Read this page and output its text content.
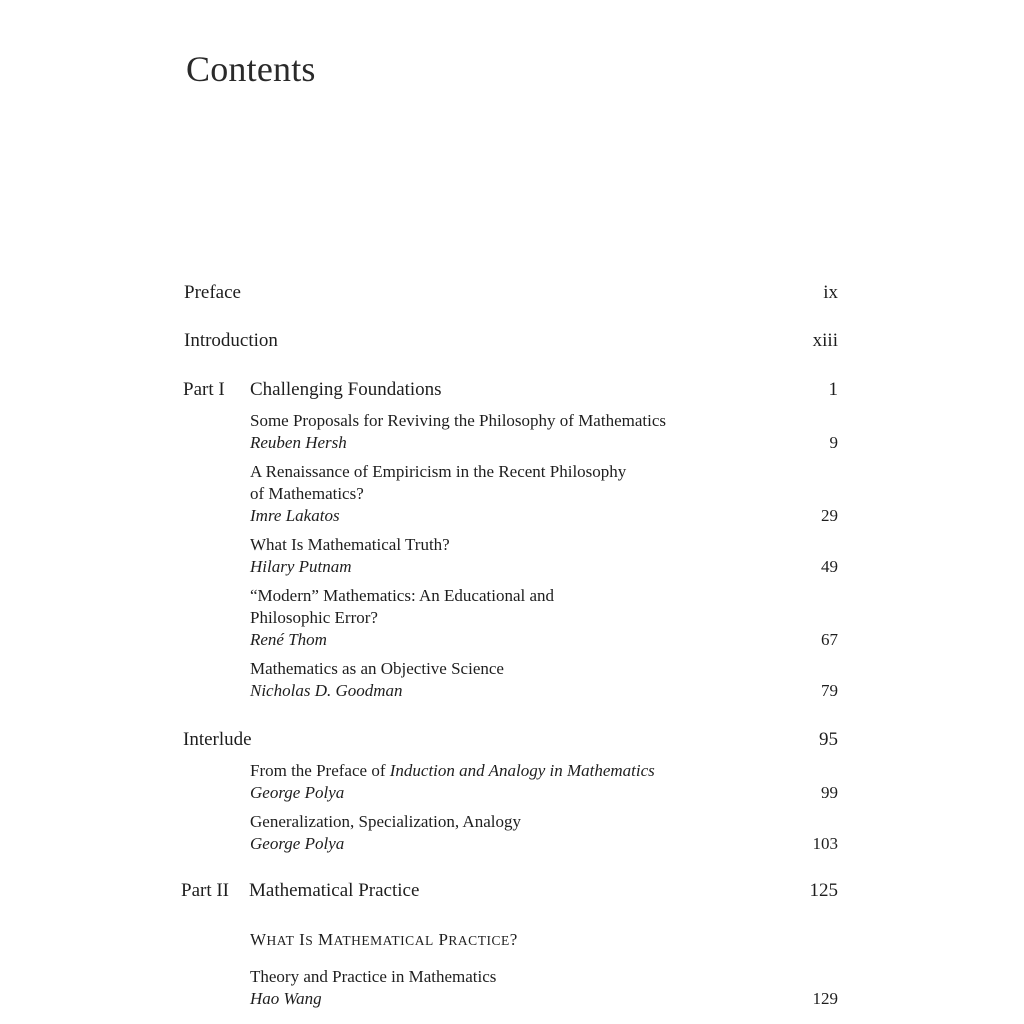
Contents
Preface	ix
Introduction	xiii
Part I Challenging Foundations	1
Some Proposals for Reviving the Philosophy of Mathematics
Reuben Hersh	9
A Renaissance of Empiricism in the Recent Philosophy
of Mathematics?
Imre Lakatos	29
What Is Mathematical Truth?
Hilary Putnam	49
“Modern” Mathematics: An Educational and
Philosophic Error?
René Thom	67
Mathematics as an Objective Science
Nicholas D. Goodman	79
Interlude	95
From the Preface of Induction and Analogy in Mathematics
George Polya	99
Generalization, Specialization, Analogy
George Polya	103
Part II Mathematical Practice	125
WHAT IS MATHEMATICAL PRACTICE?
Theory and Practice in Mathematics
Hao Wang	129
